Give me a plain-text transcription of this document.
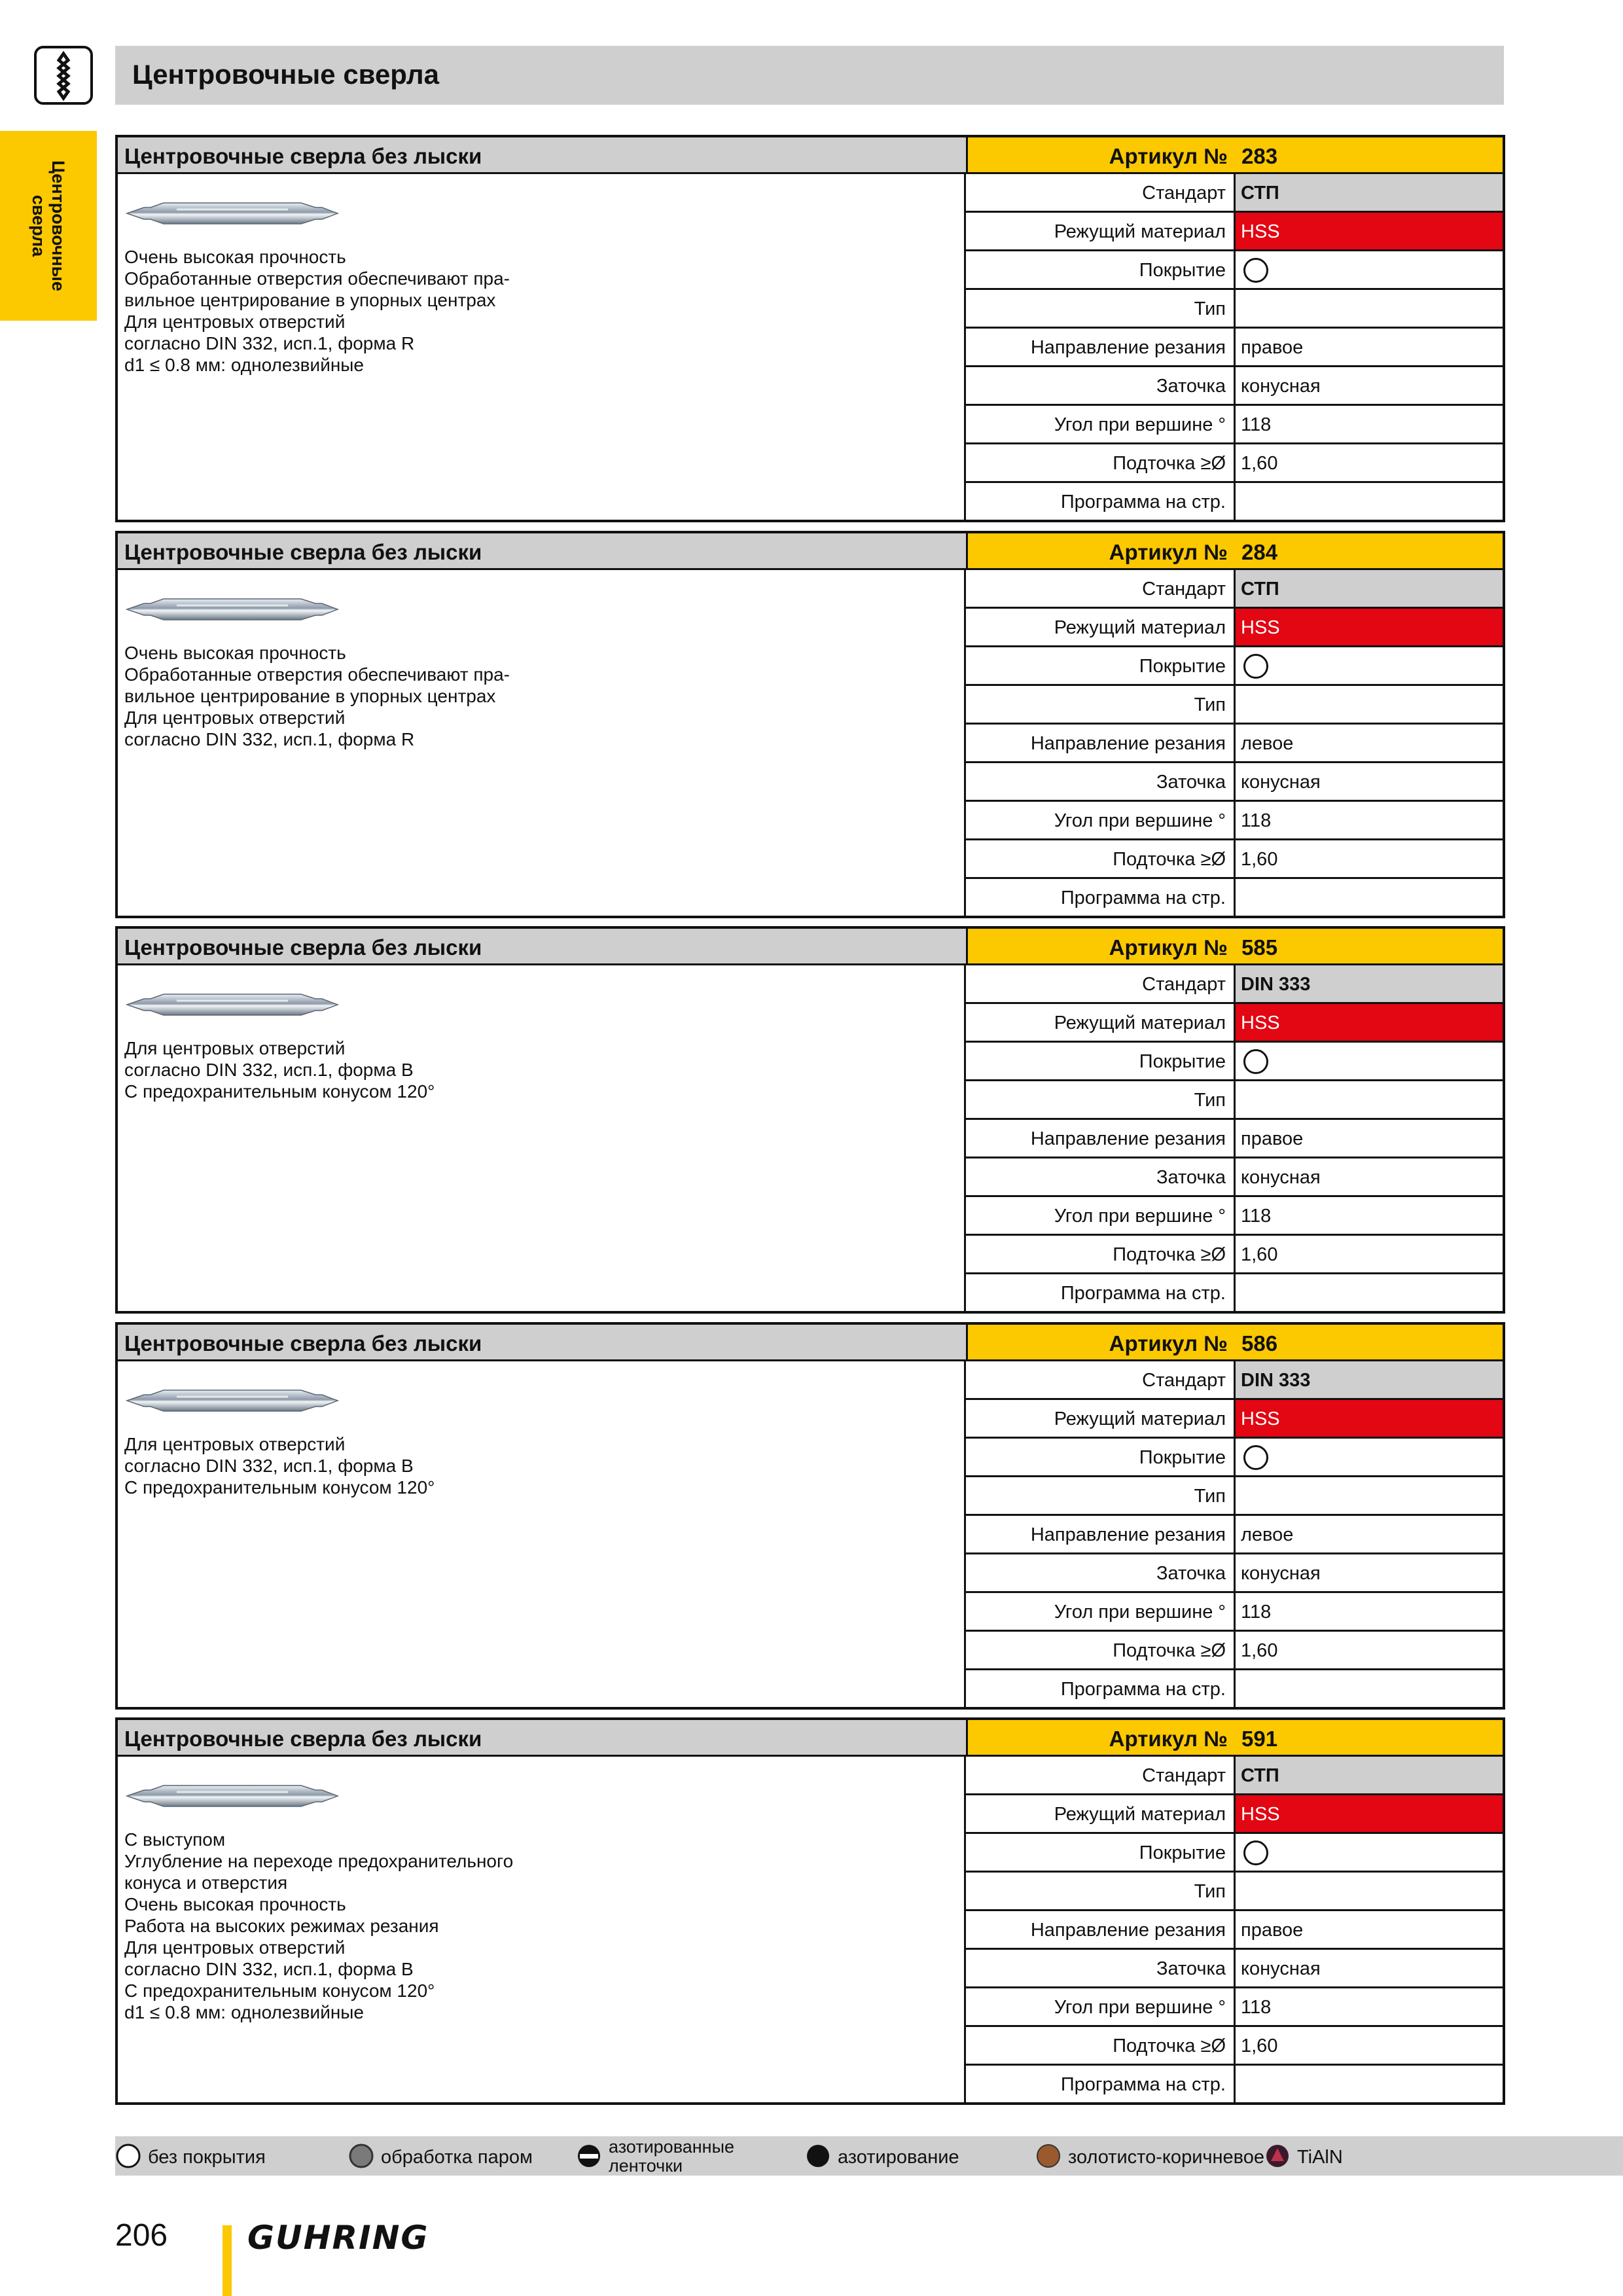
Центровочные сверла
Центровочные
сверла
Центровочные сверла без лыски	Артикул № 283
Очень высокая прочность
Обработанные отверстия обеспечивают пра-
вильное центрирование в упорных центрах
Для центровых отверстий
согласно DIN 332, исп.1, форма R
d1 ≤ 0.8 мм: однолезвийные
Стандарт СТП
Режущий материал HSS
Покрытие
Тип
Направление резания правое
Заточка конусная
Угол при вершине ° 118
Подточка ≥Ø 1,60
Программа на стр.
Центровочные сверла без лыски	Артикул № 284
Очень высокая прочность
Обработанные отверстия обеспечивают пра-
вильное центрирование в упорных центрах
Для центровых отверстий
согласно DIN 332, исп.1, форма R
Стандарт СТП
Режущий материал HSS
Покрытие
Тип
Направление резания левое
Заточка конусная
Угол при вершине ° 118
Подточка ≥Ø 1,60
Программа на стр.
Центровочные сверла без лыски	Артикул № 585
Для центровых отверстий
согласно DIN 332, исп.1, форма B
С предохранительным конусом 120°
Стандарт DIN 333
Режущий материал HSS
Покрытие
Тип
Направление резания правое
Заточка конусная
Угол при вершине ° 118
Подточка ≥Ø 1,60
Программа на стр.
Центровочные сверла без лыски	Артикул № 586
Для центровых отверстий
согласно DIN 332, исп.1, форма B
С предохранительным конусом 120°
Стандарт DIN 333
Режущий материал HSS
Покрытие
Тип
Направление резания левое
Заточка конусная
Угол при вершине ° 118
Подточка ≥Ø 1,60
Программа на стр.
Центровочные сверла без лыски	Артикул № 591
С выступом
Углубление на переходе предохранительного
конуса и отверстия
Очень высокая прочность
Работа на высоких режимах резания
Для центровых отверстий
согласно DIN 332, исп.1, форма B
С предохранительным конусом 120°
d1 ≤ 0.8 мм: однолезвийные
Стандарт СТП
Режущий материал HSS
Покрытие
Тип
Направление резания правое
Заточка конусная
Угол при вершине ° 118
Подточка ≥Ø 1,60
Программа на стр.
без покрытия	обработка паром	азотированные
ленточки	азотирование	золотисто-коричневое TiAlN
206 GUHRING
